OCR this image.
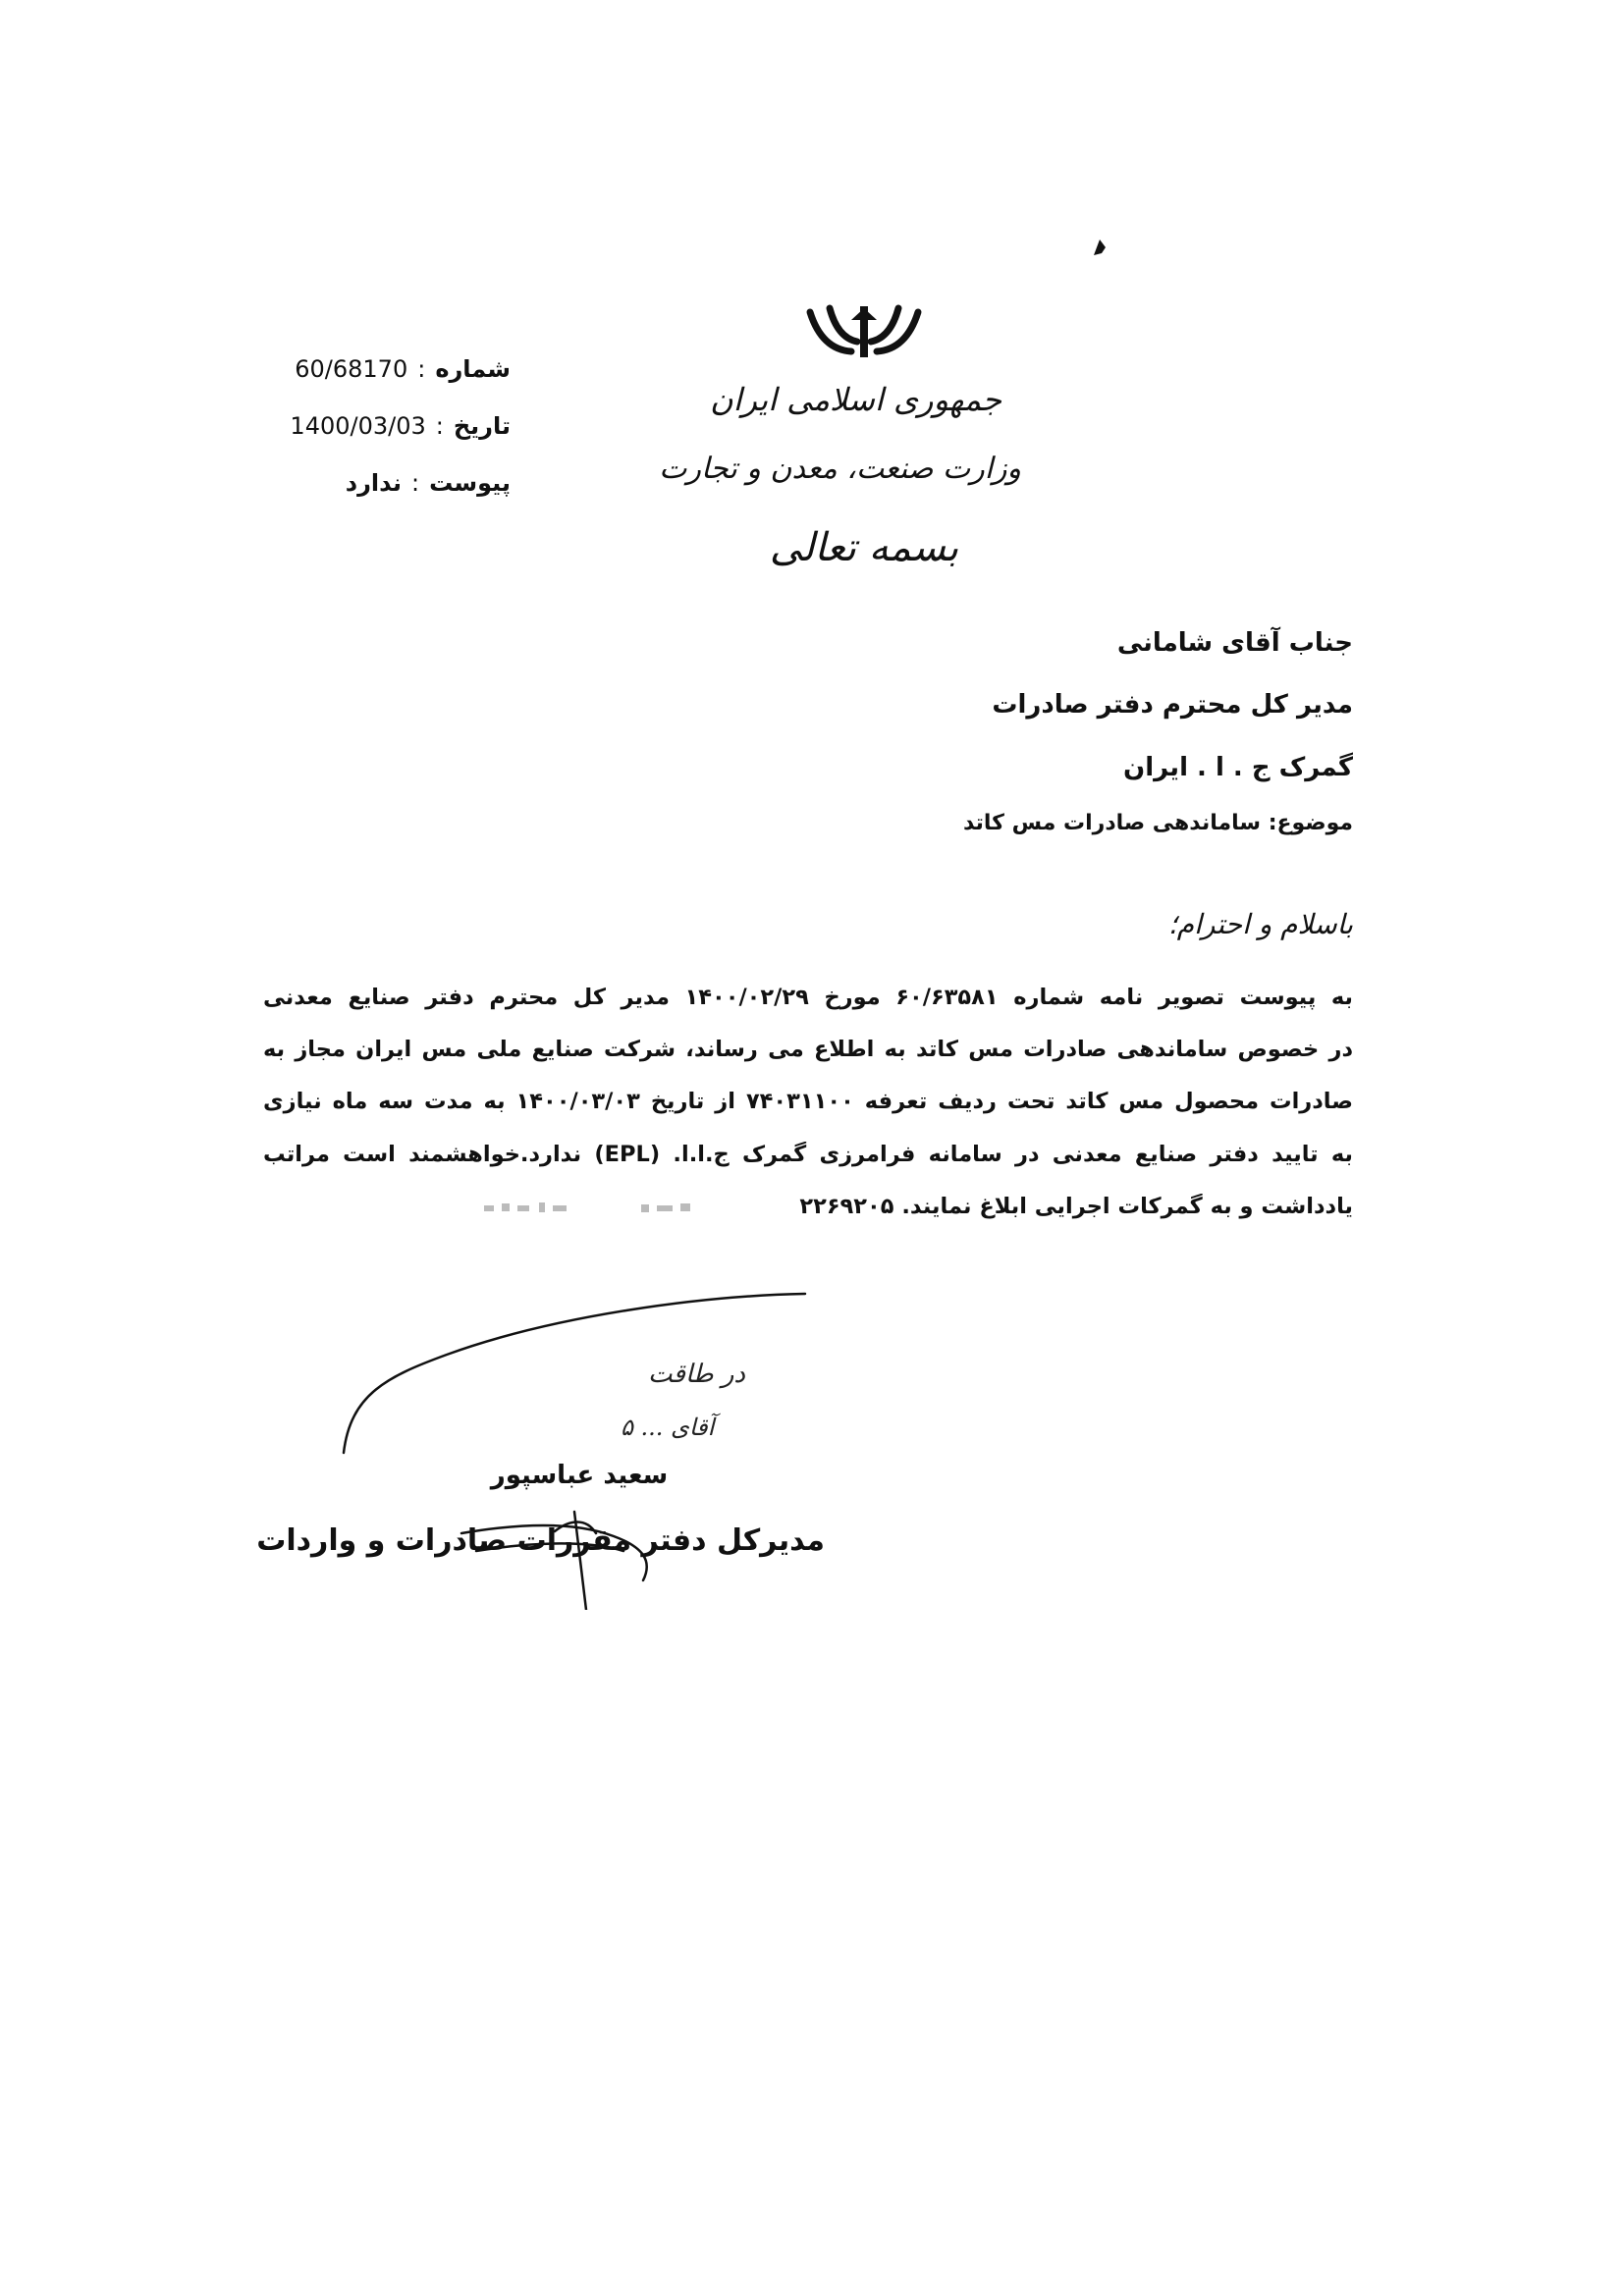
جمهوری اسلامی ایران
وزارت صنعت، معدن و تجارت
بسمه تعالی
شماره
:
60/68170
تاریخ
:
1400/03/03
پیوست
:
ندارد
جناب آقای شامانی
مدیر کل محترم دفتر صادرات
گمرک ج . ا . ایران
موضوع: ساماندهی صادرات مس کاتد
باسلام و احترام؛
به پیوست تصویر نامه شماره ۶۰/۶۳۵۸۱ مورخ ۱۴۰۰/۰۲/۲۹ مدیر کل محترم دفتر صنایع معدنی
در خصوص ساماندهی صادرات مس کاتد به اطلاع می رساند، شرکت صنایع ملی مس ایران مجاز به
صادرات محصول مس کاتد تحت ردیف تعرفه ۷۴۰۳۱۱۰۰ از تاریخ ۱۴۰۰/۰۳/۰۳ به مدت سه ماه نیازی
به تایید دفتر صنایع معدنی در سامانه فرامرزی گمرک ج.ا.ا. (EPL) ندارد.خواهشمند است مراتب
یادداشت و به گمرکات اجرایی ابلاغ نمایند. ۲۲۶۹۲۰۵
در طاقت
آقای ... ۵
سعید عباسپور
مدیرکل دفتر مقررات صادرات و واردات
